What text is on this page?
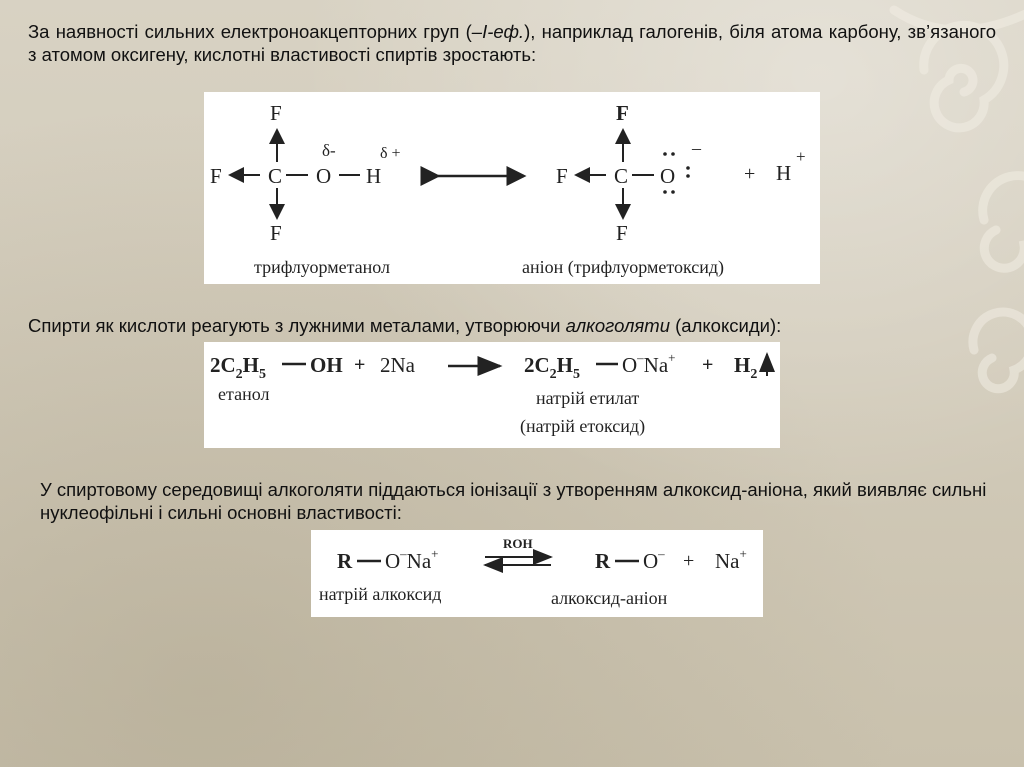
За наявності сильних електроноакцепторних груп (–І-еф.), наприклад галогенів, біля атома карбону, зв’язаного з атомом оксигену, кислотні властивості спиртів зростають:
F
F C O H
δ-	δ +
F
трифлуорметанол
F
F C O
–
F
+ H
+
аніон (трифлуорметоксид)
Спирти як кислоти реагують з лужними металами, утворюючи алкоголяти (алкоксиди):
$2C_2H_5$ OH + 2Na	$2C_2H_5$ $O^-Na^+ + H_2$
етанол	натрій етилат
(натрій етоксид)
У спиртовому середовищі алкоголяти піддаються іонізації з утворенням алкоксид-аніона, який виявляє сильні нуклеофільні і сильні основні властивості:
R O–Na+
ROH
R O– + Na+
натрій алкоксид	алкоксид-аніон
